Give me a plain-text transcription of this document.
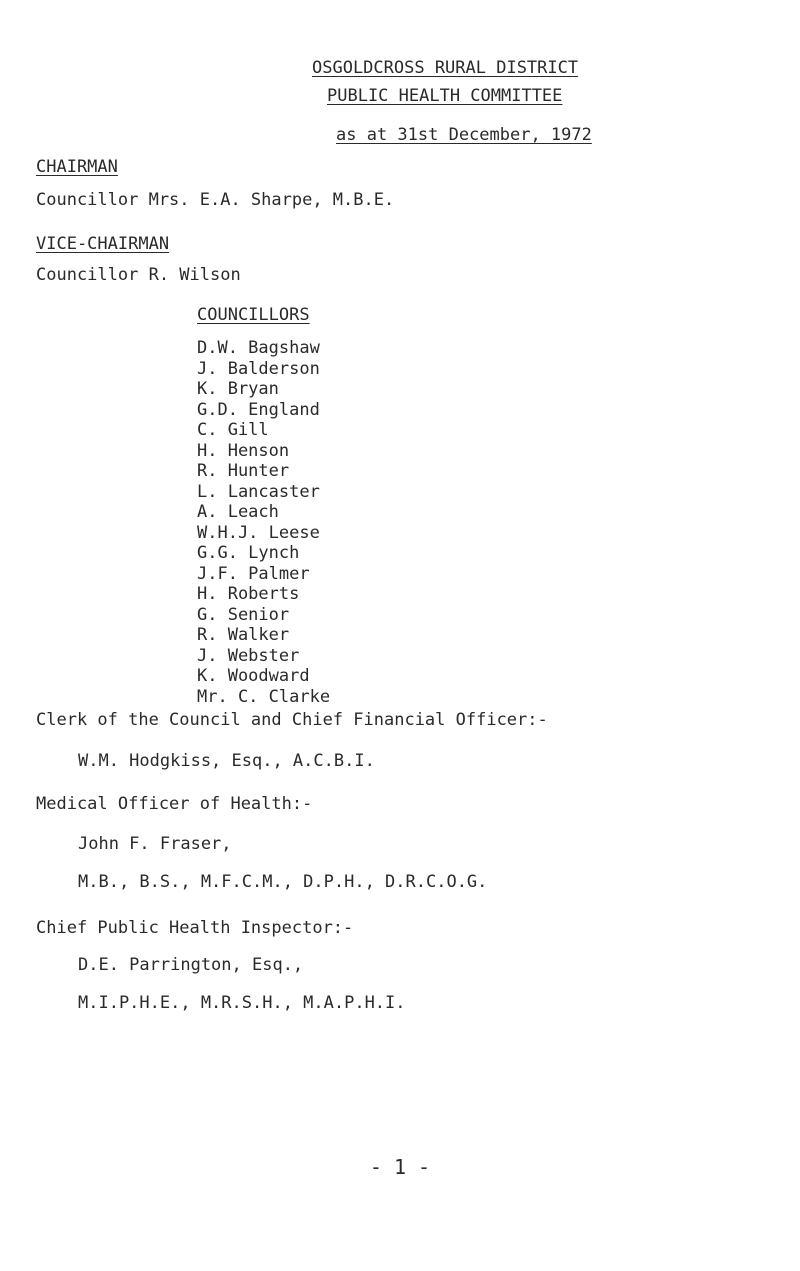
OSGOLDCROSS RURAL DISTRICT
PUBLIC HEALTH COMMITTEE
as at 31st December, 1972
CHAIRMAN
Councillor Mrs. E.A. Sharpe, M.B.E.
VICE-CHAIRMAN
Councillor R. Wilson
COUNCILLORS
D.W. Bagshaw
J. Balderson
K. Bryan
G.D. England
C. Gill
H. Henson
R. Hunter
L. Lancaster
A. Leach
W.H.J. Leese
G.G. Lynch
J.F. Palmer
H. Roberts
G. Senior
R. Walker
J. Webster
K. Woodward
Mr. C. Clarke
Clerk of the Council and Chief Financial Officer:-
W.M. Hodgkiss, Esq., A.C.B.I.
Medical Officer of Health:-
John F. Fraser,
M.B., B.S., M.F.C.M., D.P.H., D.R.C.O.G.
Chief Public Health Inspector:-
D.E. Parrington, Esq.,
M.I.P.H.E., M.R.S.H., M.A.P.H.I.
- 1 -
